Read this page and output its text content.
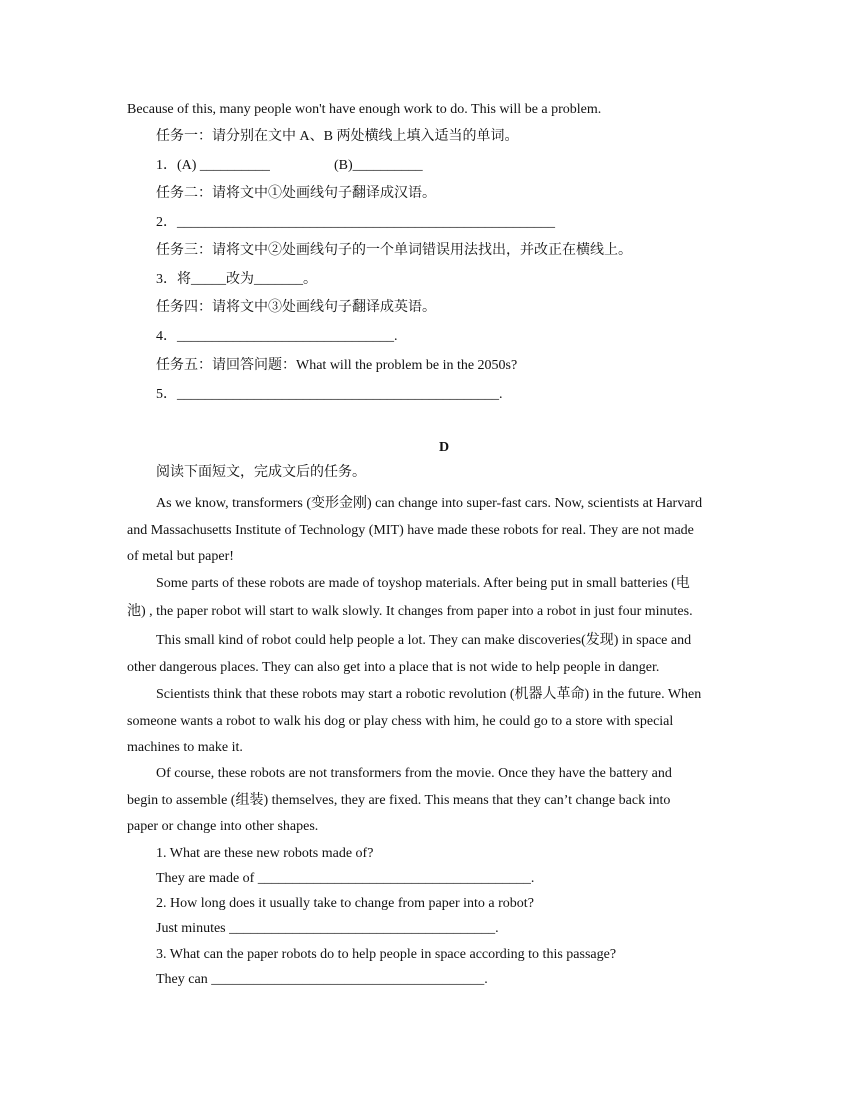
Because of this, many people won't have enough work to do. This will be a problem.
任务一：请分别在文中 A、B 两处横线上填入适当的单词。
1．(A) __________	(B)__________
任务二：请将文中①处画线句子翻译成汉语。
2．______________________________________________________
任务三：请将文中②处画线句子的一个单词错误用法找出，并改正在横线上。
3．将_____改为_______。
任务四：请将文中③处画线句子翻译成英语。
4．_______________________________.
任务五：请回答问题：What will the problem be in the 2050s?
5．______________________________________________.
D
阅读下面短文，完成文后的任务。
As we know, transformers (变形金刚) can change into super-fast cars. Now, scientists at Harvard
and Massachusetts Institute of Technology (MIT) have made these robots for real. They are not made
of metal but paper!
Some parts of these robots are made of toyshop materials. After being put in small batteries (电
池) , the paper robot will start to walk slowly. It changes from paper into a robot in just four minutes.
This small kind of robot could help people a lot. They can make discoveries(发现) in space and
other dangerous places. They can also get into a place that is not wide to help people in danger.
Scientists think that these robots may start a robotic revolution (机器人革命) in the future. When
someone wants a robot to walk his dog or play chess with him, he could go to a store with special
machines to make it.
Of course, these robots are not transformers from the movie. Once they have the battery and
begin to assemble (组装) themselves, they are fixed. This means that they can’t change back into
paper or change into other shapes.
1. What are these new robots made of?
They are made of _______________________________________.
2. How long does it usually take to change from paper into a robot?
Just minutes ______________________________________.
3. What can the paper robots do to help people in space according to this passage?
They can _______________________________________.
